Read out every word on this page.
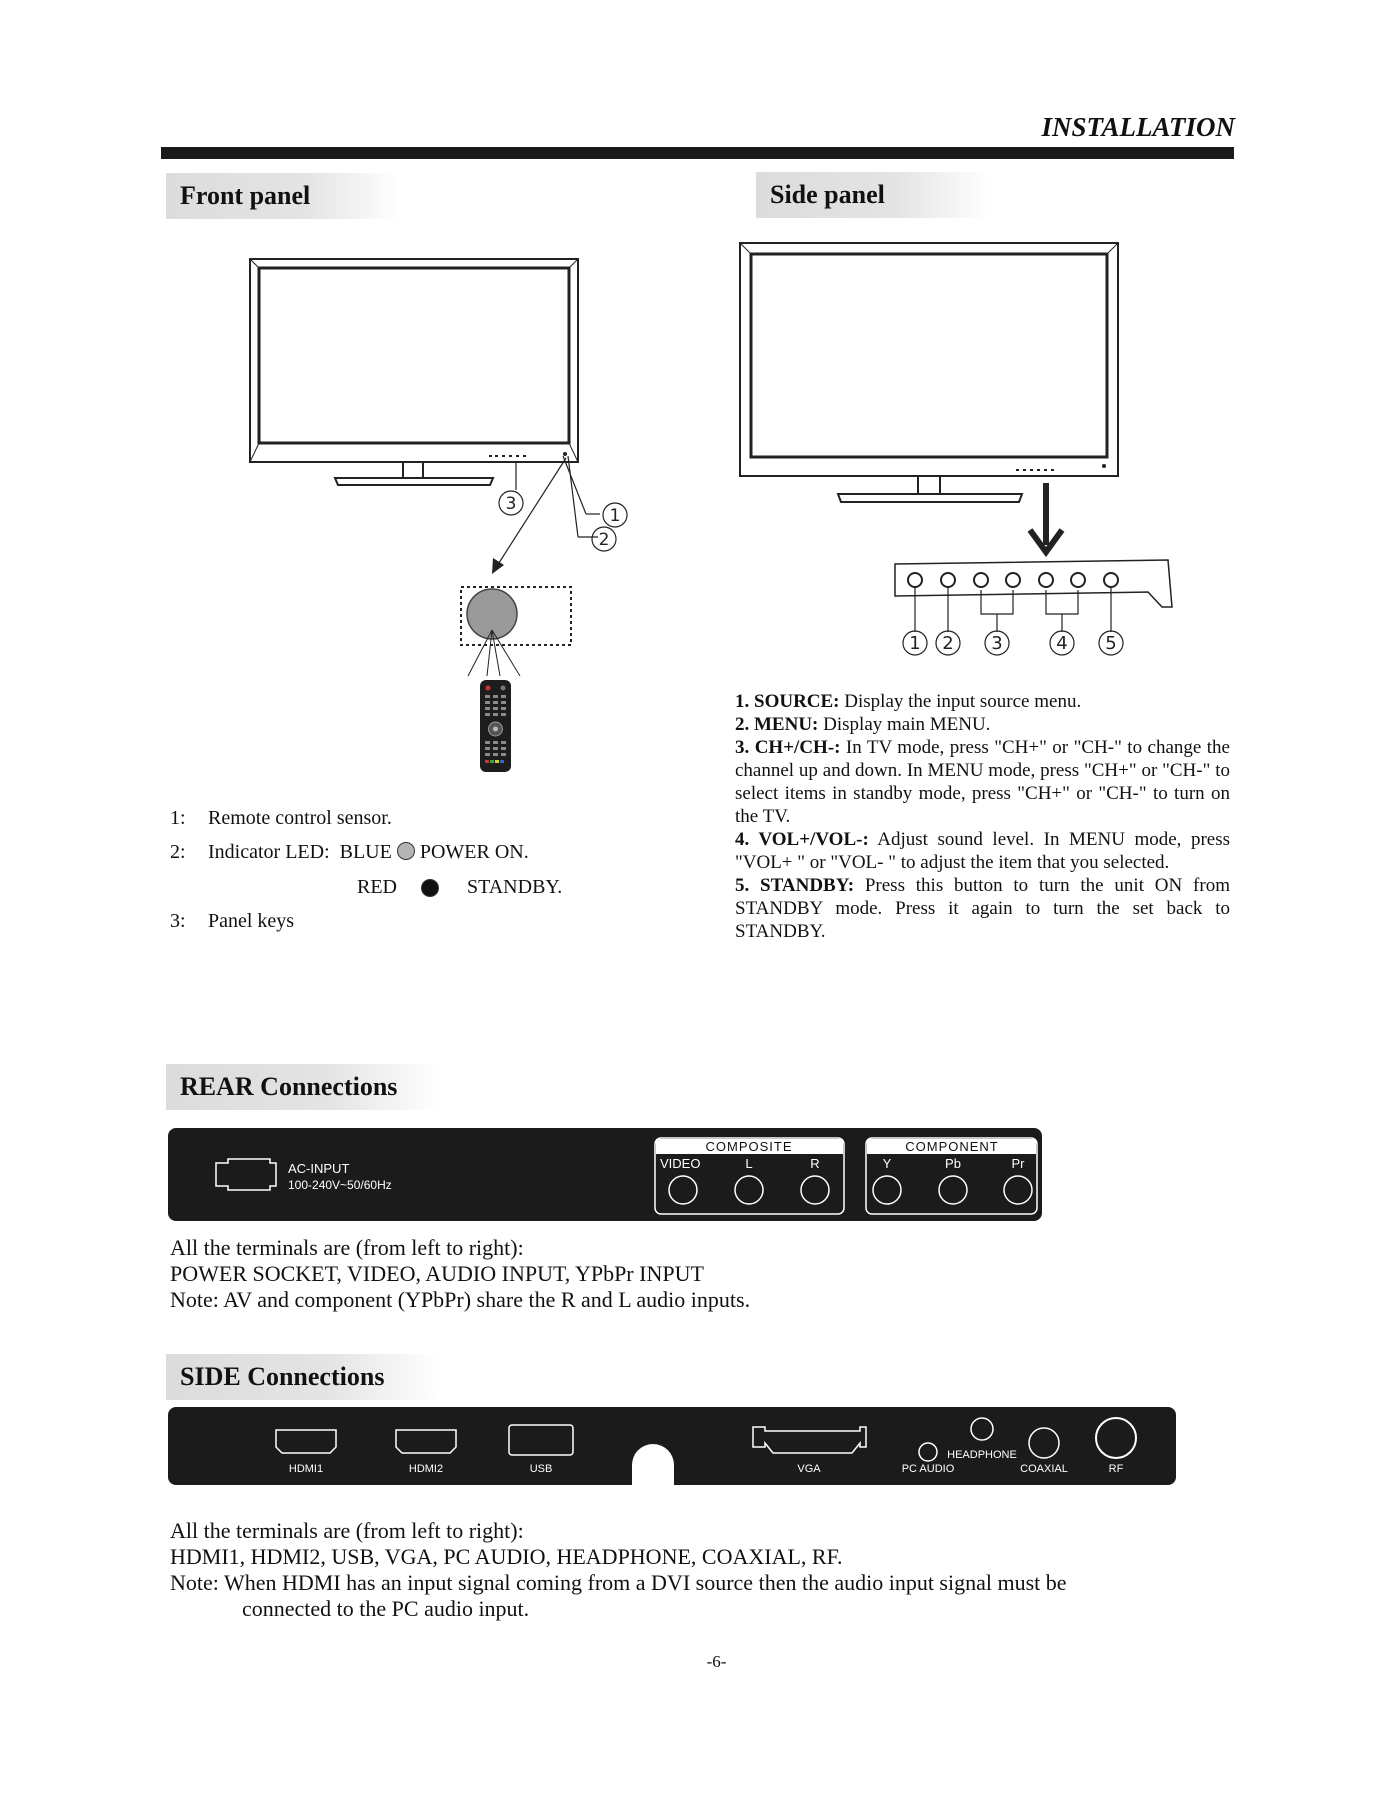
INSTALLATION
Front panel	Side panel
REAR Connections
SIDE Connections
3
1
2
1 2 3	4 5
1: Remote control sensor.
2: Indicator LED: BLUE POWER ON.
RED	STANDBY.
3: Panel keys

1. SOURCE: Display the input source menu.

2. MENU: Display main MENU.

3. CH+/CH-: In TV mode, press "CH+" or "CH-" to change the channel up and down. In MENU mode, press "CH+" or "CH-" to select items in standby mode, press "CH+" or "CH-" to turn on the TV.

4. VOL+/VOL-: Adjust sound level. In MENU mode, press "VOL+ " or "VOL- " to adjust the item that you selected.

5. STANDBY: Press this button to turn the unit ON from STANDBY mode. Press it again to turn the set back to STANDBY.

AC-INPUT
100-240V~50/60Hz
COMPOSITE
VIDEO	L	R
COMPONENT
Y	Pb	Pr
All the terminals are (from left to right):
POWER SOCKET, VIDEO, AUDIO INPUT, YPbPr INPUT
Note: AV and component (YPbPr) share the R and L audio inputs.
HDMI1	HDMI2	USB	VGA	PC AUDIO
HEADPHONE
COAXIAL	RF
All the terminals are (from left to right):
HDMI1, HDMI2, USB, VGA, PC AUDIO, HEADPHONE, COAXIAL, RF.
Note: When HDMI has an input signal coming from a DVI source then the audio input signal must be
connected to the PC audio input.
-6-
